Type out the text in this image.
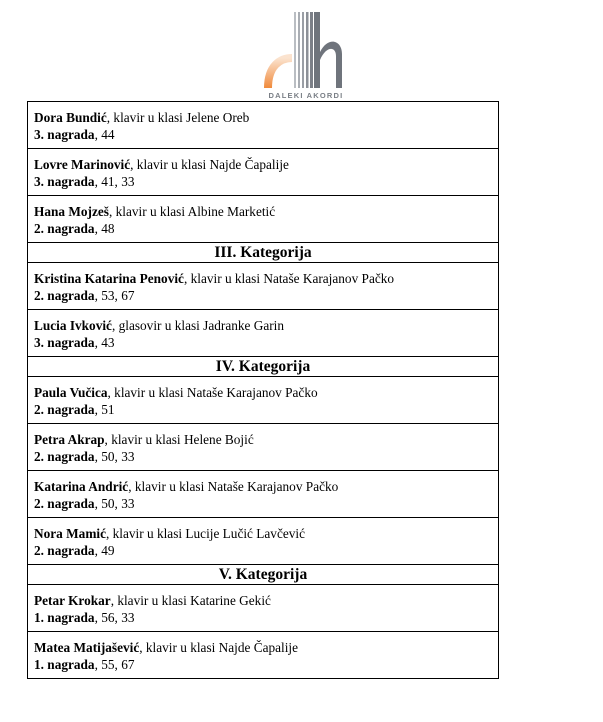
DALEKI AKORDI
Dora Bundić, klavir u klasi Jelene Oreb
3. nagrada, 44
Lovre Marinović, klavir u klasi Najde Čapalije
3. nagrada, 41, 33
Hana Mojzeš, klavir u klasi Albine Marketić
2. nagrada, 48
III. Kategorija
Kristina Katarina Penović, klavir u klasi Nataše Karajanov Pačko
2. nagrada, 53, 67
Lucia Ivković, glasovir u klasi Jadranke Garin
3. nagrada, 43
IV. Kategorija
Paula Vučica, klavir u klasi Nataše Karajanov Pačko
2. nagrada, 51
Petra Akrap, klavir u klasi Helene Bojić
2. nagrada, 50, 33
Katarina Andrić, klavir u klasi Nataše Karajanov Pačko
2. nagrada, 50, 33
Nora Mamić, klavir u klasi Lucije Lučić Lavčević
2. nagrada, 49
V. Kategorija
Petar Krokar, klavir u klasi Katarine Gekić
1. nagrada, 56, 33
Matea Matijašević, klavir u klasi Najde Čapalije
1. nagrada, 55, 67
